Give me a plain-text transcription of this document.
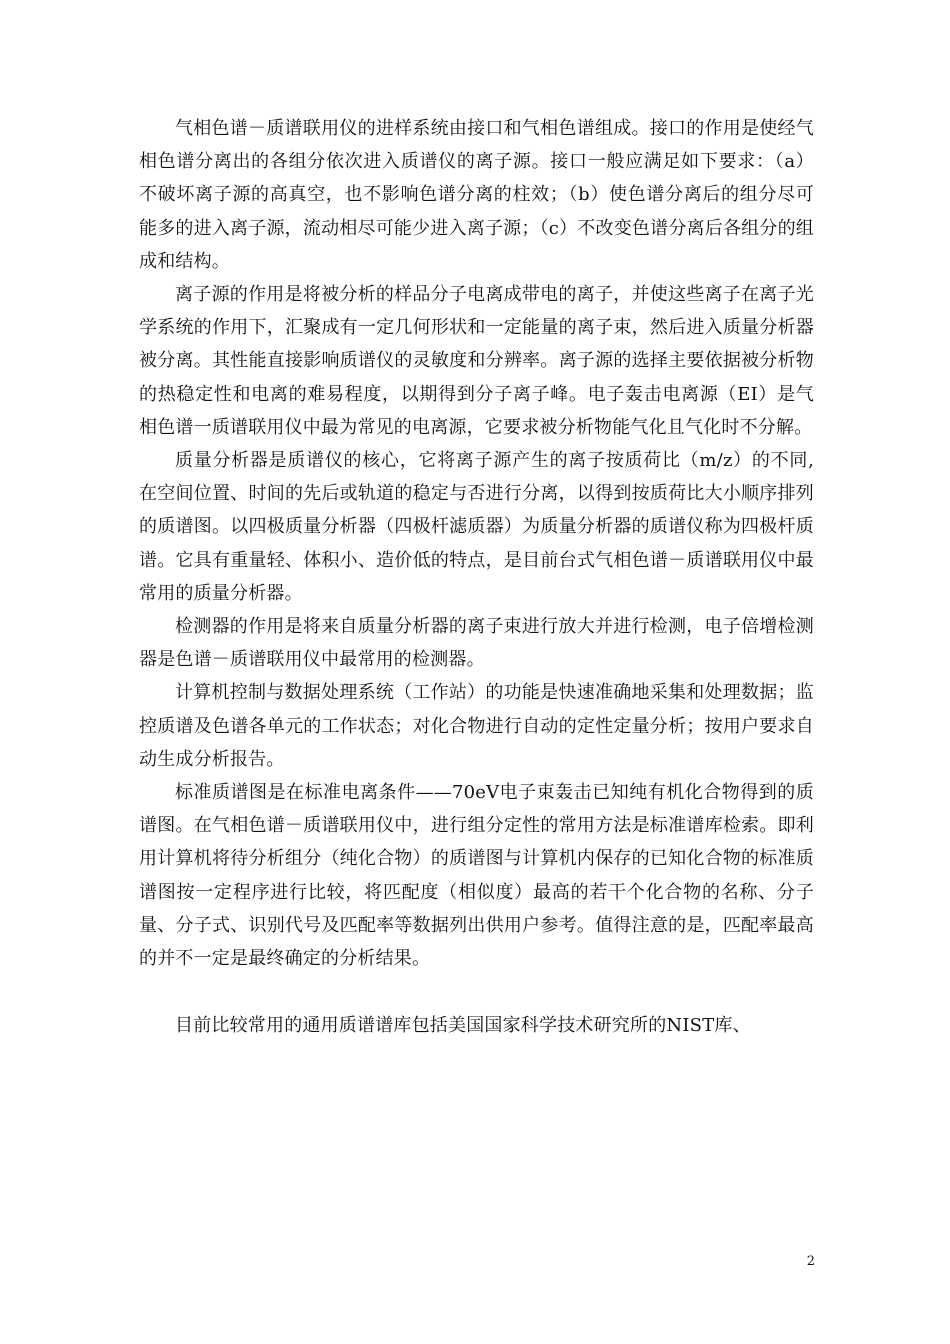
气相色谱－质谱联用仪的进样系统由接口和气相色谱组成。接口的作用是使经气相色谱分离出的各组分依次进入质谱仪的离子源。接口一般应满足如下要求：（a）不破坏离子源的高真空，也不影响色谱分离的柱效；（b）使色谱分离后的组分尽可能多的进入离子源，流动相尽可能少进入离子源；（c）不改变色谱分离后各组分的组成和结构。

离子源的作用是将被分析的样品分子电离成带电的离子，并使这些离子在离子光学系统的作用下，汇聚成有一定几何形状和一定能量的离子束，然后进入质量分析器被分离。其性能直接影响质谱仪的灵敏度和分辨率。离子源的选择主要依据被分析物的热稳定性和电离的难易程度，以期得到分子离子峰。电子轰击电离源（EI）是气相色谱一质谱联用仪中最为常见的电离源，它要求被分析物能气化且气化时不分解。

质量分析器是质谱仪的核心，它将离子源产生的离子按质荷比（m/z）的不同,在空间位置、时间的先后或轨道的稳定与否进行分离，以得到按质荷比大小顺序排列的质谱图。以四极质量分析器（四极杆滤质器）为质量分析器的质谱仪称为四极杆质谱。它具有重量轻、体积小、造价低的特点，是目前台式气相色谱－质谱联用仪中最常用的质量分析器。

检测器的作用是将来自质量分析器的离子束进行放大并进行检测，电子倍增检测器是色谱－质谱联用仪中最常用的检测器。

计算机控制与数据处理系统（工作站）的功能是快速准确地采集和处理数据；监控质谱及色谱各单元的工作状态；对化合物进行自动的定性定量分析；按用户要求自动生成分析报告。

标准质谱图是在标准电离条件——70eV电子束轰击已知纯有机化合物得到的质谱图。在气相色谱－质谱联用仪中，进行组分定性的常用方法是标准谱库检索。即利用计算机将待分析组分（纯化合物）的质谱图与计算机内保存的已知化合物的标准质谱图按一定程序进行比较，将匹配度（相似度）最高的若干个化合物的名称、分子量、分子式、识别代号及匹配率等数据列出供用户参考。值得注意的是，匹配率最高的并不一定是最终确定的分析结果。

目前比较常用的通用质谱谱库包括美国国家科学技术研究所的NIST库、

2
